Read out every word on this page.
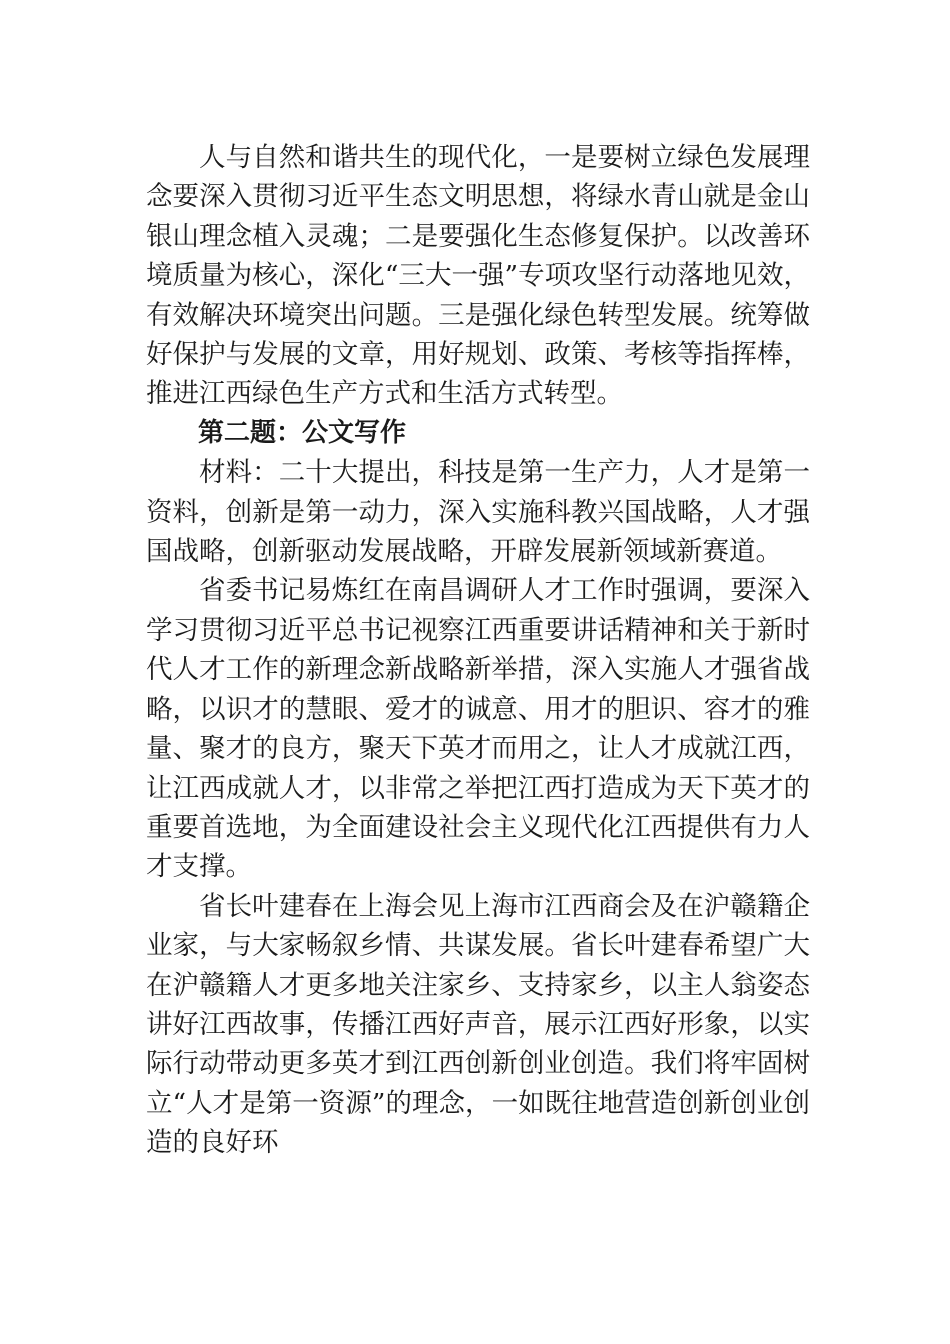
人与自然和谐共生的现代化，一是要树立绿色发展理念要深入贯彻习近平生态文明思想，将绿水青山就是金山银山理念植入灵魂；二是要强化生态修复保护。以改善环境质量为核心，深化“三大一强”专项攻坚行动落地见效，有效解决环境突出问题。三是强化绿色转型发展。统筹做好保护与发展的文章，用好规划、政策、考核等指挥棒，推进江西绿色生产方式和生活方式转型。

第二题：公文写作

材料：二十大提出，科技是第一生产力，人才是第一资料，创新是第一动力，深入实施科教兴国战略，人才强国战略，创新驱动发展战略，开辟发展新领域新赛道。

省委书记易炼红在南昌调研人才工作时强调，要深入学习贯彻习近平总书记视察江西重要讲话精神和关于新时代人才工作的新理念新战略新举措，深入实施人才强省战略，以识才的慧眼、爱才的诚意、用才的胆识、容才的雅量、聚才的良方，聚天下英才而用之，让人才成就江西，让江西成就人才，以非常之举把江西打造成为天下英才的重要首选地，为全面建设社会主义现代化江西提供有力人才支撑。

省长叶建春在上海会见上海市江西商会及在沪赣籍企业家，与大家畅叙乡情、共谋发展。省长叶建春希望广大在沪赣籍人才更多地关注家乡、支持家乡，以主人翁姿态讲好江西故事，传播江西好声音，展示江西好形象，以实际行动带动更多英才到江西创新创业创造。我们将牢固树立“人才是第一资源”的理念，一如既往地营造创新创业创造的良好环
